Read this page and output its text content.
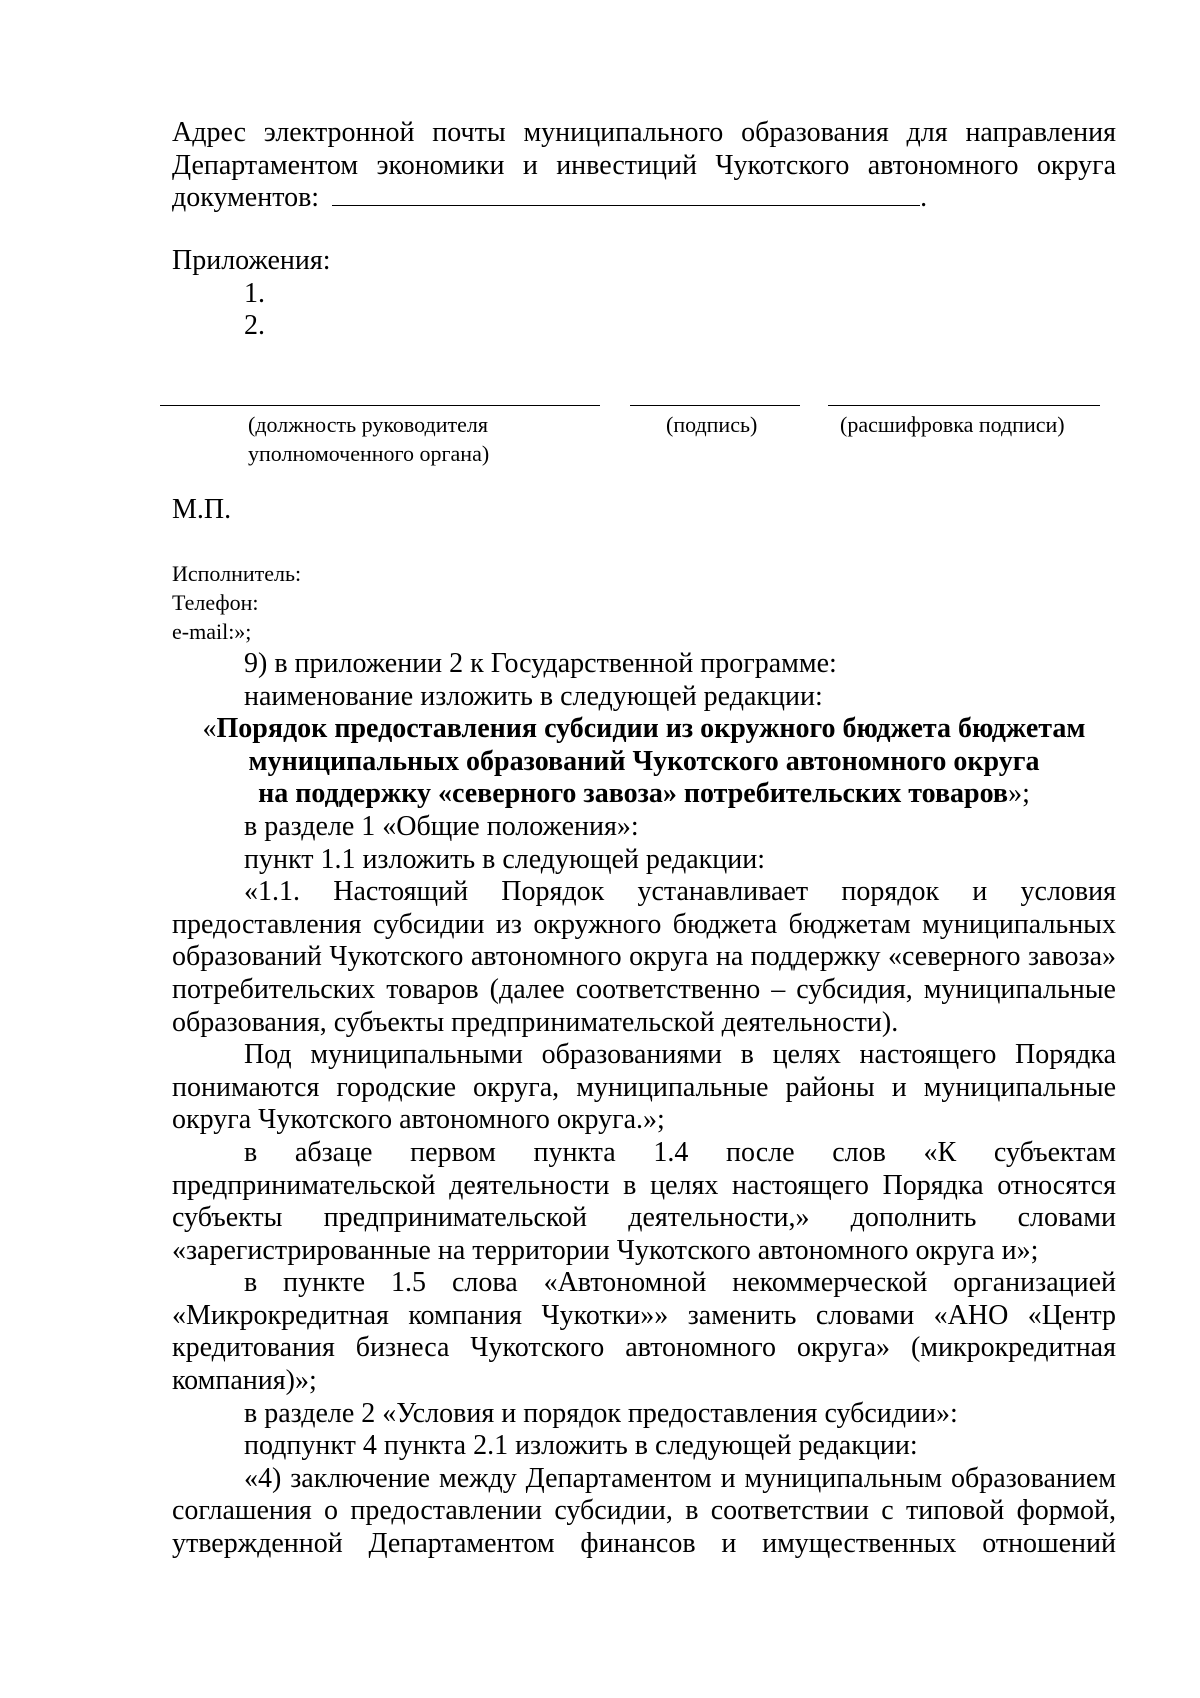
Адрес электронной почты муниципального образования для направления
Департаментом экономики и инвестиций Чукотского автономного округа
документов:	.
Приложения:
1.
2.
(должность руководителя
уполномоченного органа)
(подпись)	(расшифровка подписи)
М.П.
Исполнитель:
Телефон:
e-mail:»;

9) в приложении 2 к Государственной программе:

наименование изложить в следующей редакции:

«Порядок предоставления субсидии из окружного бюджета бюджетам
муниципальных образований Чукотского автономного округа
на поддержку «северного завоза» потребительских товаров»;

в разделе 1 «Общие положения»:

пункт 1.1 изложить в следующей редакции:

«1.1. Настоящий Порядок устанавливает порядок и условия предоставления субсидии из окружного бюджета бюджетам муниципальных образований Чукотского автономного округа на поддержку «северного завоза» потребительских товаров (далее соответственно – субсидия, муниципальные образования, субъекты предпринимательской деятельности).

Под муниципальными образованиями в целях настоящего Порядка понимаются городские округа, муниципальные районы и муниципальные округа Чукотского автономного округа.»;

в абзаце первом пункта 1.4 после слов «К субъектам предпринимательской деятельности в целях настоящего Порядка относятся субъекты предпринимательской деятельности,» дополнить словами «зарегистрированные на территории Чукотского автономного округа и»;

в пункте 1.5 слова «Автономной некоммерческой организацией «Микрокредитная компания Чукотки»» заменить словами «АНО «Центр кредитования бизнеса Чукотского автономного округа» (микрокредитная компания)»;

в разделе 2 «Условия и порядок предоставления субсидии»:

подпункт 4 пункта 2.1 изложить в следующей редакции:

«4) заключение между Департаментом и муниципальным образованием соглашения о предоставлении субсидии, в соответствии с типовой формой, утвержденной Департаментом финансов и имущественных отношений
